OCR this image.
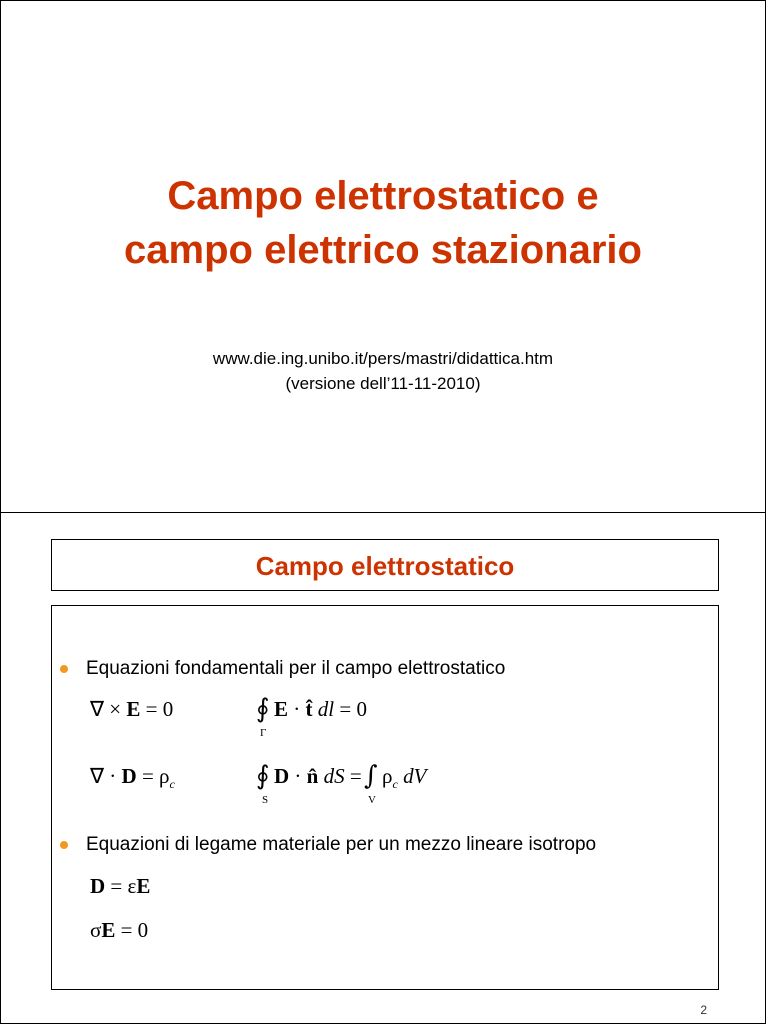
Campo elettrostatico e
campo elettrico stazionario
www.die.ing.unibo.it/pers/mastri/didattica.htm
(versione dell’11-11-2010)
Campo elettrostatico
Equazioni fondamentali per il campo elettrostatico
∇ × E = 0	∮
Γ
E · t̂ dl = 0
∇ · $D = \rho_c$	∮
S
D · n̂ dS = ∫
V
$\rho_c$ dV
Equazioni di legame materiale per un mezzo lineare isotropo
D = εE
σE = 0
2
